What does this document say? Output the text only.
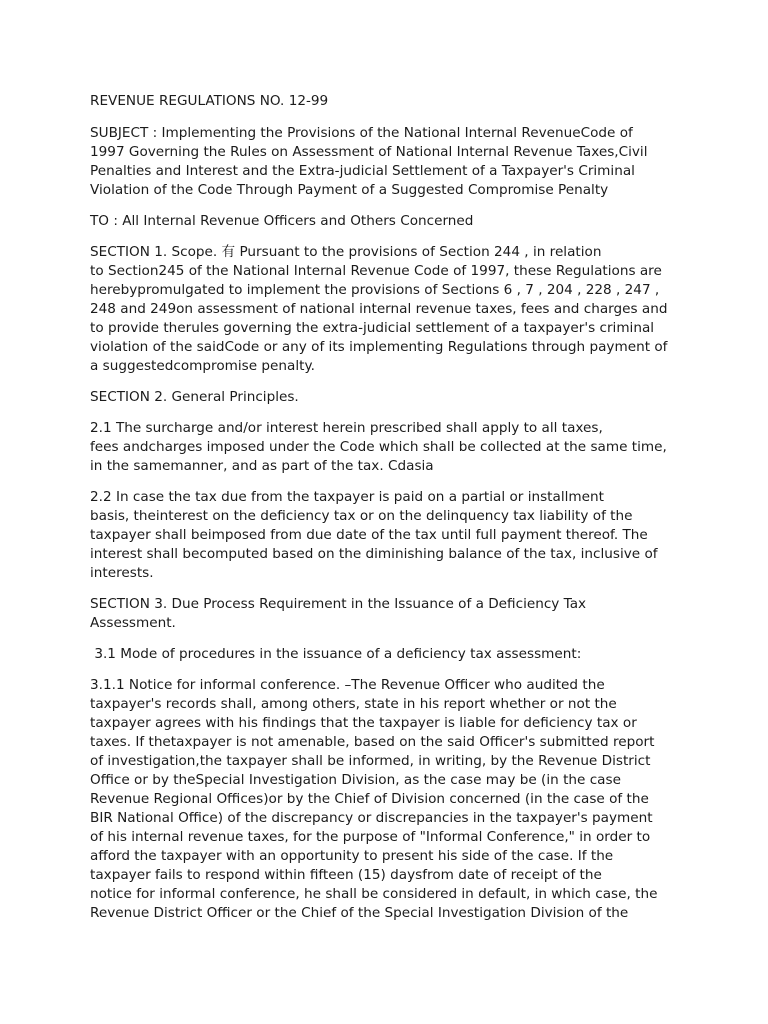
REVENUE REGULATIONS NO. 12-99

SUBJECT : Implementing the Provisions of the National Internal RevenueCode of
1997 Governing the Rules on Assessment of National Internal Revenue Taxes,Civil
Penalties and Interest and the Extra-judicial Settlement of a Taxpayer's Criminal
Violation of the Code Through Payment of a Suggested Compromise Penalty

TO : All Internal Revenue Officers and Others Concerned

SECTION 1. Scope. 有 Pursuant to the provisions of Section 244 , in relation
to Section245 of the National Internal Revenue Code of 1997, these Regulations are
herebypromulgated to implement the provisions of Sections 6 , 7 , 204 , 228 , 247 ,
248 and 249on assessment of national internal revenue taxes, fees and charges and
to provide therules governing the extra-judicial settlement of a taxpayer's criminal
violation of the saidCode or any of its implementing Regulations through payment of
a suggestedcompromise penalty.

SECTION 2. General Principles.

2.1 The surcharge and/or interest herein prescribed shall apply to all taxes,
fees andcharges imposed under the Code which shall be collected at the same time,
in the samemanner, and as part of the tax. Cdasia

2.2 In case the tax due from the taxpayer is paid on a partial or installment
basis, theinterest on the deficiency tax or on the delinquency tax liability of the
taxpayer shall beimposed from due date of the tax until full payment thereof. The
interest shall becomputed based on the diminishing balance of the tax, inclusive of
interests.

SECTION 3. Due Process Requirement in the Issuance of a Deficiency Tax
Assessment.

3.1 Mode of procedures in the issuance of a deficiency tax assessment:

3.1.1 Notice for informal conference. –The Revenue Officer who audited the
taxpayer's records shall, among others, state in his report whether or not the
taxpayer agrees with his findings that the taxpayer is liable for deficiency tax or
taxes. If thetaxpayer is not amenable, based on the said Officer's submitted report
of investigation,the taxpayer shall be informed, in writing, by the Revenue District
Office or by theSpecial Investigation Division, as the case may be (in the case
Revenue Regional Offices)or by the Chief of Division concerned (in the case of the
BIR National Office) of the discrepancy or discrepancies in the taxpayer's payment
of his internal revenue taxes, for the purpose of "Informal Conference," in order to
afford the taxpayer with an opportunity to present his side of the case. If the
taxpayer fails to respond within fifteen (15) daysfrom date of receipt of the
notice for informal conference, he shall be considered in default, in which case, the
Revenue District Officer or the Chief of the Special Investigation Division of the
